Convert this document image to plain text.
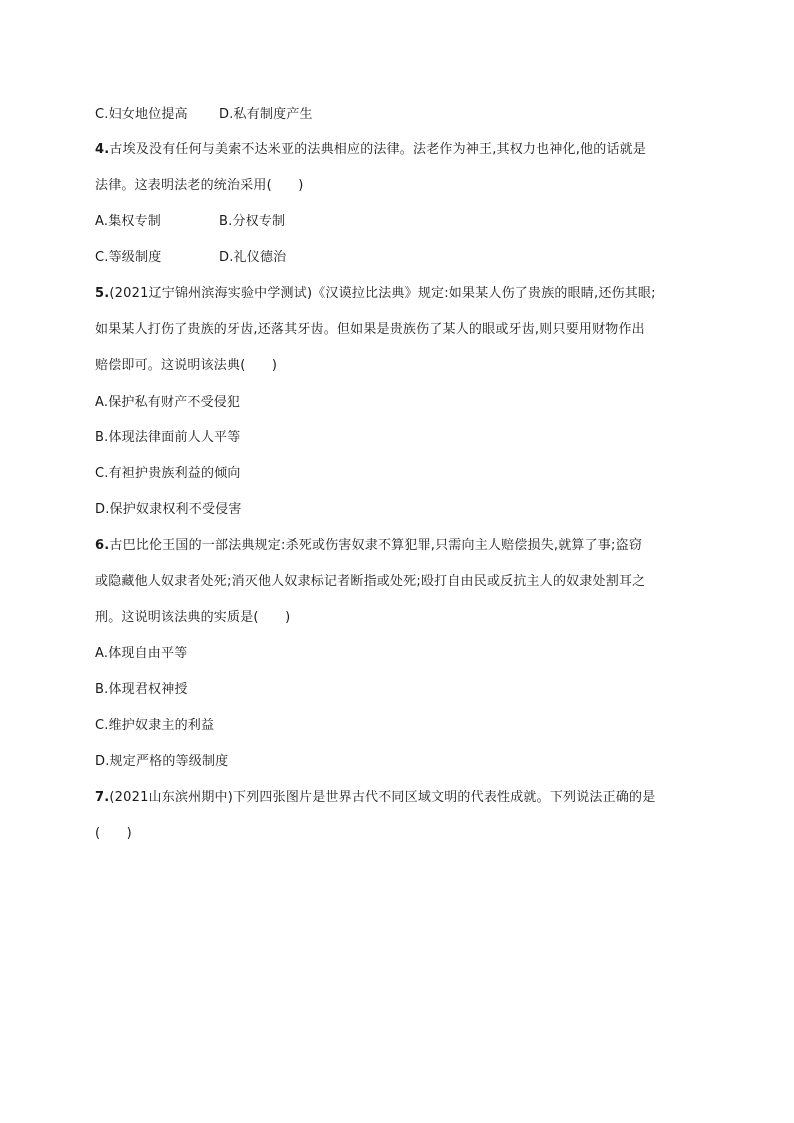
C.妇女地位提高 D.私有制度产生
4.古埃及没有任何与美索不达米亚的法典相应的法律。法老作为神王,其权力也神化,他的话就是
法律。这表明法老的统治采用(　　)
A.集权专制	B.分权专制
C.等级制度	D.礼仪德治
5.(2021辽宁锦州滨海实验中学测试)《汉谟拉比法典》规定:如果某人伤了贵族的眼睛,还伤其眼;
如果某人打伤了贵族的牙齿,还落其牙齿。但如果是贵族伤了某人的眼或牙齿,则只要用财物作出
赔偿即可。这说明该法典(　　)
A.保护私有财产不受侵犯
B.体现法律面前人人平等
C.有袒护贵族利益的倾向
D.保护奴隶权利不受侵害
6.古巴比伦王国的一部法典规定:杀死或伤害奴隶不算犯罪,只需向主人赔偿损失,就算了事;盗窃
或隐藏他人奴隶者处死;消灭他人奴隶标记者断指或处死;殴打自由民或反抗主人的奴隶处割耳之
刑。这说明该法典的实质是(　　)
A.体现自由平等
B.体现君权神授
C.维护奴隶主的利益
D.规定严格的等级制度
7.(2021山东滨州期中)下列四张图片是世界古代不同区域文明的代表性成就。下列说法正确的是
(　　)
